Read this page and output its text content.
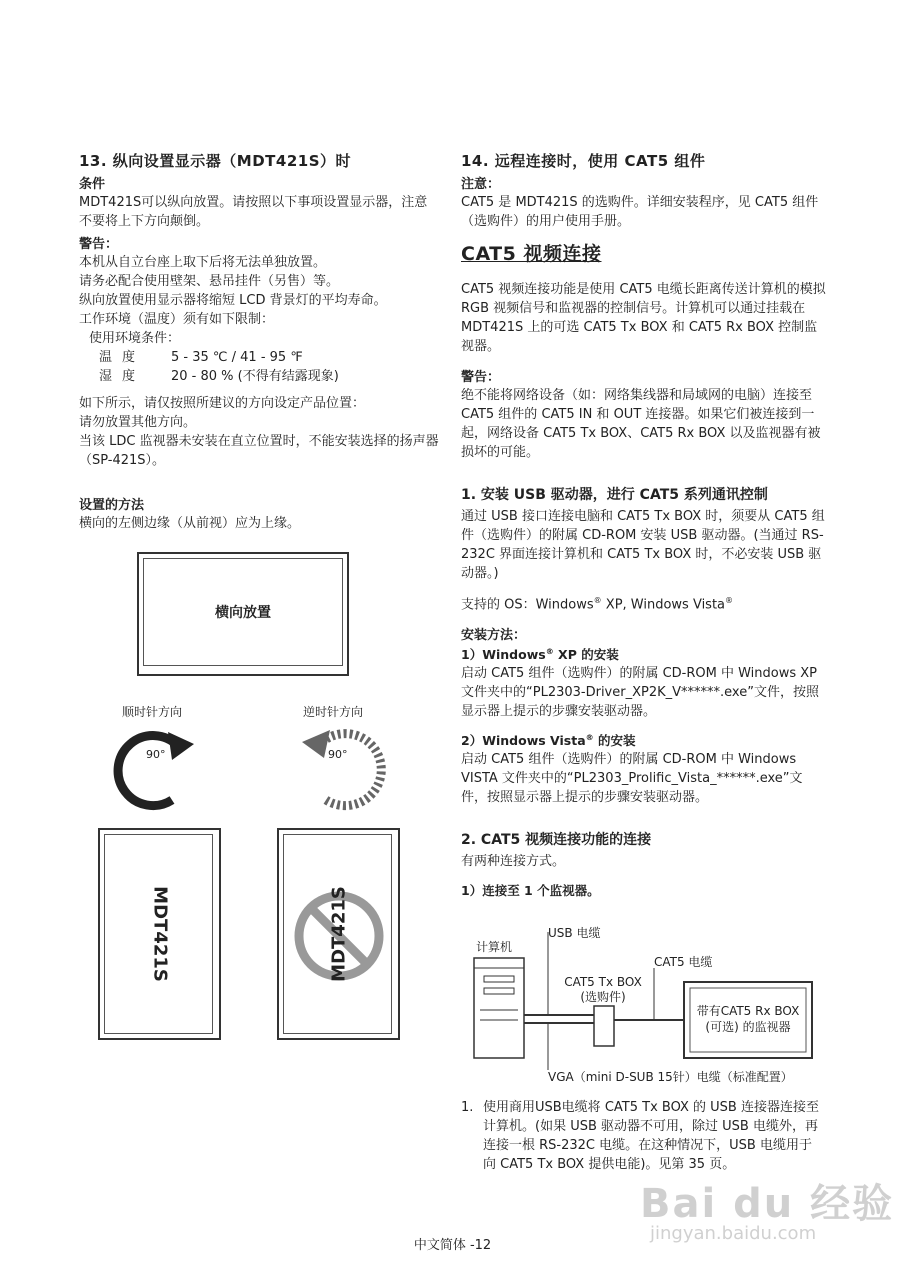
13. 纵向设置显示器（MDT421S）时
条件

MDT421S可以纵向放置。请按照以下事项设置显示器，注意不要将上下方向颠倒。

警告：

本机从自立台座上取下后将无法单独放置。

请务必配合使用壁架、悬吊挂件（另售）等。

纵向放置使用显示器将缩短 LCD 背景灯的平均寿命。

工作环境（温度）须有如下限制：

使用环境条件：

温度	5 - 35 ℃ / 41 - 95 ℉
湿度	20 - 80 % (不得有结露现象)

如下所示，请仅按照所建议的方向设定产品位置：

请勿放置其他方向。

当该 LDC 监视器未安装在直立位置时，不能安装选择的扬声器（SP-421S）。

设置的方法

横向的左侧边缘（从前视）应为上缘。

横向放置
顺时针方向	逆时针方向
90°	90°
MDT421S	MDT421S
14. 远程连接时，使用 CAT5 组件
注意：

CAT5 是 MDT421S 的选购件。详细安装程序，见 CAT5 组件（选购件）的用户使用手册。

CAT5 视频连接

CAT5 视频连接功能是使用 CAT5 电缆长距离传送计算机的模拟 RGB 视频信号和监视器的控制信号。计算机可以通过挂载在 MDT421S 上的可选 CAT5 Tx BOX 和 CAT5 Rx BOX 控制监视器。

警告：

绝不能将网络设备（如：网络集线器和局域网的电脑）连接至 CAT5 组件的 CAT5 IN 和 OUT 连接器。如果它们被连接到一起，网络设备 CAT5 Tx BOX、CAT5 Rx BOX 以及监视器有被损坏的可能。

1. 安装 USB 驱动器，进行 CAT5 系列通讯控制

通过 USB 接口连接电脑和 CAT5 Tx BOX 时，须要从 CAT5 组件（选购件）的附属 CD-ROM 安装 USB 驱动器。(当通过 RS-232C 界面连接计算机和 CAT5 Tx BOX 时，不必安装 USB 驱动器。)

支持的 OS：Windows® XP, Windows Vista®

安装方法：
1）Windows® XP 的安装

启动 CAT5 组件（选购件）的附属 CD-ROM 中 Windows XP 文件夹中的“PL2303-Driver_XP2K_V******.exe”文件，按照显示器上提示的步骤安装驱动器。

2）Windows Vista® 的安装

启动 CAT5 组件（选购件）的附属 CD-ROM 中 Windows VISTA 文件夹中的“PL2303_Prolific_Vista_******.exe”文件，按照显示器上提示的步骤安装驱动器。

2. CAT5 视频连接功能的连接

有两种连接方式。

1）连接至 1 个监视器。
计算机
USB 电缆
CAT5 电缆
CAT5 Tx BOX
(选购件)
带有CAT5 Rx BOX
(可选) 的监视器
VGA（mini D-SUB 15针）电缆（标准配置）
1. 使用商用USB电缆将 CAT5 Tx BOX 的 USB 连接器连接至计算机。(如果 USB 驱动器不可用，除过 USB 电缆外，再连接一根 RS-232C 电缆。在这种情况下，USB 电缆用于向 CAT5 Tx BOX 提供电能)。见第 35 页。
Bai du 经验
jingyan.baidu.com
中文简体 -12
